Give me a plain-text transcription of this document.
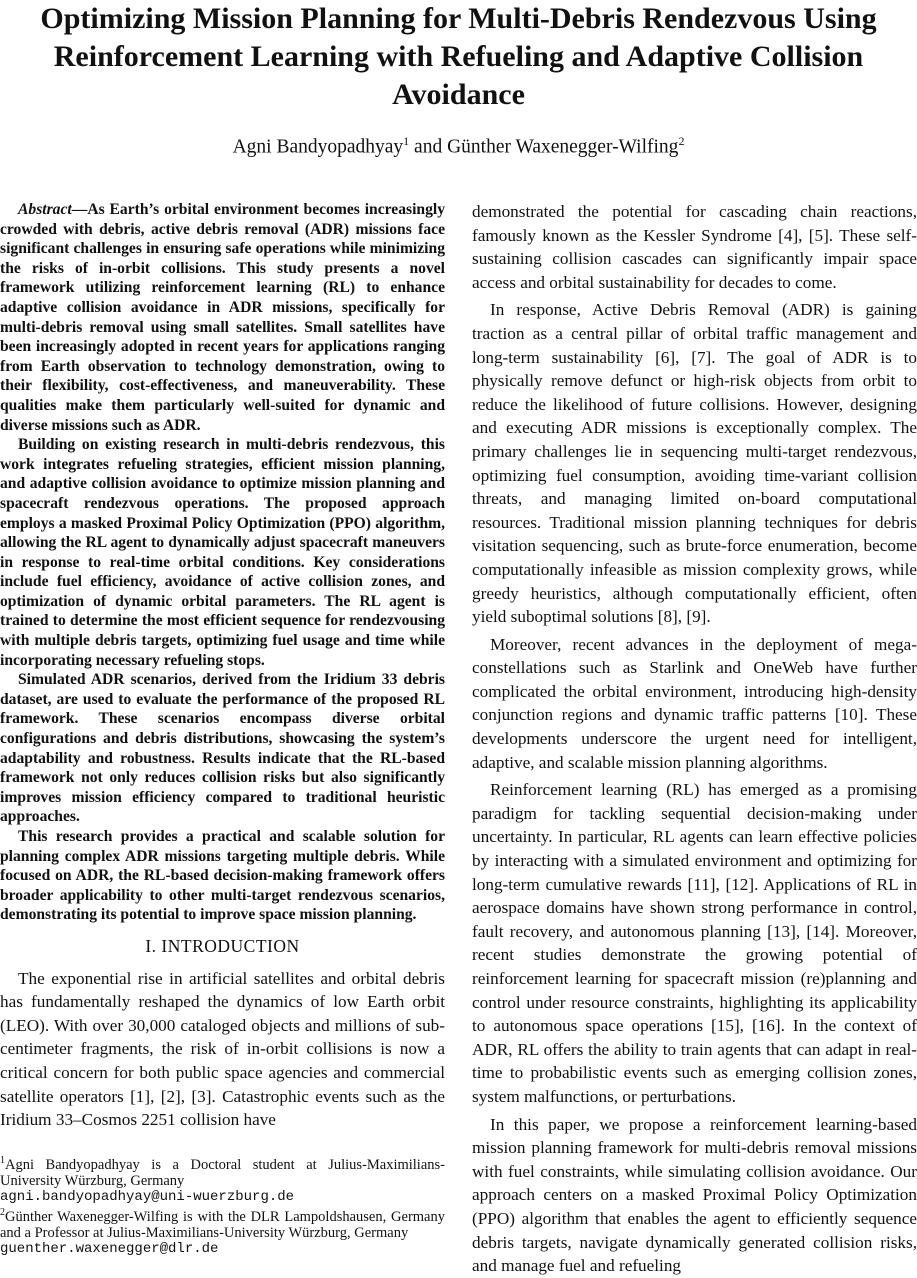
Optimizing Mission Planning for Multi-Debris Rendezvous Using Reinforcement Learning with Refueling and Adaptive Collision Avoidance
Agni Bandyopadhyay$^1$ and Günther Waxenegger-Wilfing$^2$

Abstract—As Earth’s orbital environment becomes increasingly crowded with debris, active debris removal (ADR) missions face significant challenges in ensuring safe operations while minimizing the risks of in-orbit collisions. This study presents a novel framework utilizing reinforcement learning (RL) to enhance adaptive collision avoidance in ADR missions, specifically for multi-debris removal using small satellites. Small satellites have been increasingly adopted in recent years for applications ranging from Earth observation to technology demonstration, owing to their flexibility, cost-effectiveness, and maneuverability. These qualities make them particularly well-suited for dynamic and diverse missions such as ADR.

Building on existing research in multi-debris rendezvous, this work integrates refueling strategies, efficient mission planning, and adaptive collision avoidance to optimize mission planning and spacecraft rendezvous operations. The proposed approach employs a masked Proximal Policy Optimization (PPO) algorithm, allowing the RL agent to dynamically adjust spacecraft maneuvers in response to real-time orbital conditions. Key considerations include fuel efficiency, avoidance of active collision zones, and optimization of dynamic orbital parameters. The RL agent is trained to determine the most efficient sequence for rendezvousing with multiple debris targets, optimizing fuel usage and time while incorporating necessary refueling stops.

Simulated ADR scenarios, derived from the Iridium 33 debris dataset, are used to evaluate the performance of the proposed RL framework. These scenarios encompass diverse orbital configurations and debris distributions, showcasing the system’s adaptability and robustness. Results indicate that the RL-based framework not only reduces collision risks but also significantly improves mission efficiency compared to traditional heuristic approaches.

This research provides a practical and scalable solution for planning complex ADR missions targeting multiple debris. While focused on ADR, the RL-based decision-making framework offers broader applicability to other multi-target rendezvous scenarios, demonstrating its potential to improve space mission planning.

I. INTRODUCTION

The exponential rise in artificial satellites and orbital debris has fundamentally reshaped the dynamics of low Earth orbit (LEO). With over 30,000 cataloged objects and millions of sub-centimeter fragments, the risk of in-orbit collisions is now a critical concern for both public space agencies and commercial satellite operators [1], [2], [3]. Catastrophic events such as the Iridium 33–Cosmos 2251 collision have

$^1$Agni Bandyopadhyay is a Doctoral student at Julius-Maximilians-University Würzburg, Germany
agni.bandyopadhyay@uni-wuerzburg.de

$^2$Günther Waxenegger-Wilfing is with the DLR Lampoldshausen, Germany and a Professor at Julius-Maximilians-University Würzburg, Germany
guenther.waxenegger@dlr.de

demonstrated the potential for cascading chain reactions, famously known as the Kessler Syndrome [4], [5]. These self-sustaining collision cascades can significantly impair space access and orbital sustainability for decades to come.

In response, Active Debris Removal (ADR) is gaining traction as a central pillar of orbital traffic management and long-term sustainability [6], [7]. The goal of ADR is to physically remove defunct or high-risk objects from orbit to reduce the likelihood of future collisions. However, designing and executing ADR missions is exceptionally complex. The primary challenges lie in sequencing multi-target rendezvous, optimizing fuel consumption, avoiding time-variant collision threats, and managing limited on-board computational resources. Traditional mission planning techniques for debris visitation sequencing, such as brute-force enumeration, become computationally infeasible as mission complexity grows, while greedy heuristics, although computationally efficient, often yield suboptimal solutions [8], [9].

Moreover, recent advances in the deployment of mega-constellations such as Starlink and OneWeb have further complicated the orbital environment, introducing high-density conjunction regions and dynamic traffic patterns [10]. These developments underscore the urgent need for intelligent, adaptive, and scalable mission planning algorithms.

Reinforcement learning (RL) has emerged as a promising paradigm for tackling sequential decision-making under uncertainty. In particular, RL agents can learn effective policies by interacting with a simulated environment and optimizing for long-term cumulative rewards [11], [12]. Applications of RL in aerospace domains have shown strong performance in control, fault recovery, and autonomous planning [13], [14]. Moreover, recent studies demonstrate the growing potential of reinforcement learning for spacecraft mission (re)planning and control under resource constraints, highlighting its applicability to autonomous space operations [15], [16]. In the context of ADR, RL offers the ability to train agents that can adapt in real-time to probabilistic events such as emerging collision zones, system malfunctions, or perturbations.

In this paper, we propose a reinforcement learning-based mission planning framework for multi-debris removal missions with fuel constraints, while simulating collision avoidance. Our approach centers on a masked Proximal Policy Optimization (PPO) algorithm that enables the agent to efficiently sequence debris targets, navigate dynamically generated collision risks, and manage fuel and refueling
